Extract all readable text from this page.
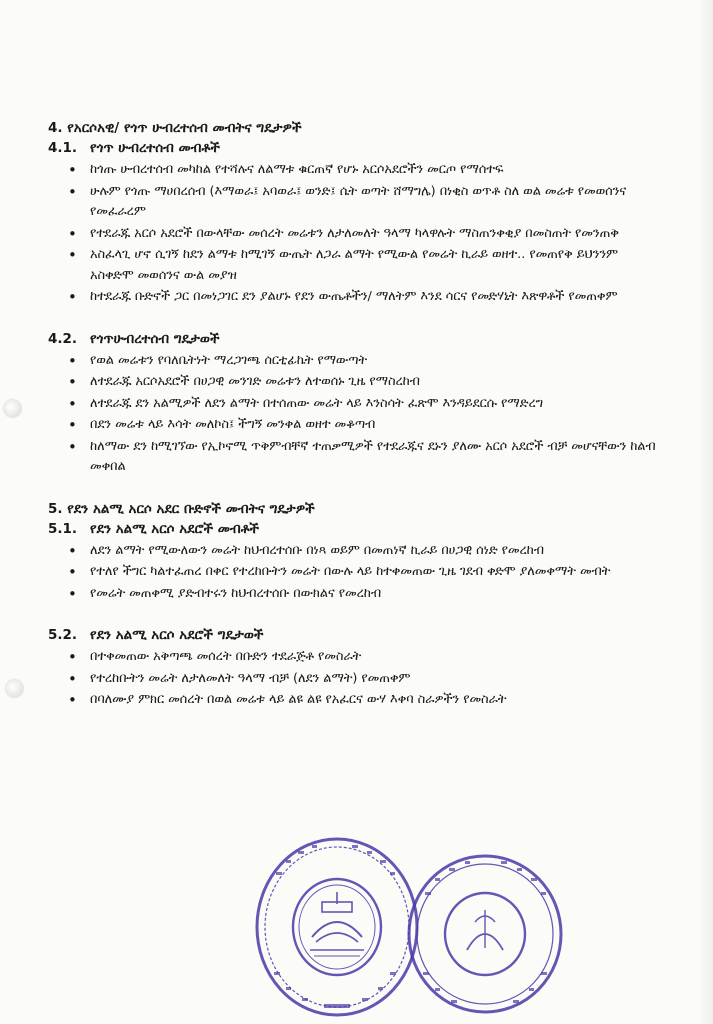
4. የአርሶአዊ/ የጎጥ ሁብረተሰብ መብትና ግዴታዎች

4.1. የጎጥ ሁብረተሰብ መብቶች

• ከጎጡ ሁብረተሰብ መካከል የተሻሉና ለልማቱ ቁርጠኛ የሆኑ አርሶአደሮችን መርጦ የማሰተፍ
• ሁሉም የጎጡ ማሀበረሰብ (እማወራ፤ አባወራ፤ ወንድ፤ ሴት ወጣት ሸማግሌ) በነቂስ ወጥቶ ስለ ወል መሬቱ የመወሰንና የመፈራረም
• የተደራጁ አርሶ አደሮች በውላቸው መሰረት መሬቱን ለታለመለት ዓላማ ካላዋሉት ማስጠንቀቂያ በመስጠት የመንጠቅ
• አስፈላጊ ሆኖ ሲገኝ ከደን ልማቱ ከሚገኝ ውጤት ለጋራ ልማት የሚውል የመሬት ኪራይ ወዘተ.. የመጠየቅ ይህንንም አስቀድሞ መወሰንና ውል መያዝ
• ከተደራጁ ቡድኖች ጋር በመነጋገር ደን ያልሆኑ የደን ውጤቶችን/ ማለትም እንደ ሳርና የመድሃኒት እጽዋቶች የመጠቀም

4.2. የጎጥሁብረተሰብ ግዴታወች

• የወል መሬቱን የባለቤትነት ማረጋገጫ ሰርቲፊኬት የማውጣት
• ለተደራጁ አርሶአደሮች በሀጋዊ መንገድ መሬቱን ለተወሰኑ ጊዜ የማስረከብ
• ለተደራጁ ደን አልሚዎች ለደን ልማት በተሰጠው መሬት ላይ እንስሳት ፈጽሞ እንዳይደርሱ የማድረግ
• በደን መሬቱ ላይ እሳት መለኮስ፤ ችግኝ መንቀል ወዘተ መቆጣብ
• ከለማው ደን ከሚገኘው የኢኮኖሚ ጥቅምብቸኛ ተጠቃሚዎች የተደራጁና ደኑን ያለሙ አርሶ አደሮች ብቻ መሆናቸውን ከልብ መቀበል

5. የደን አልሚ አርሶ አደር ቡድኖች መብትና ግዴታዎች

5.1. የደን አልሚ አርሶ አደሮች መብቶች

• ለደን ልማት የሚውለውን መሬት ከህብረተሰቡ በነጻ ወይም በመጠነኛ ኪራይ በሀጋዊ ሰነድ የመረከብ
• የተለየ ችግር ካልተፈጠረ በቀር የተረከቡትን መሬት በውሉ ላይ ከተቀመጠው ጊዜ ገደብ ቀድሞ ያለመቀማት መብት
• የመሬት መጠቀሚ ያድብተሩን ከህብረተሰቡ በውክልና የመረከብ

5.2. የደን አልሚ አርሶ አደሮች ግዴታወች

• በተቀመጠው አቅጣጫ መሰረት በቡድን ተደራጅቶ የመስራት
• የተረከቡትን መሬት ለታለመለት ዓላማ ብቻ (ለደን ልማት) የመጠቀም
• በባለሙያ ምክር መሰረት በወል መሬቱ ላይ ልዩ ልዩ የአፈርና ውሃ እቀባ ስራዎችን የመስራት
